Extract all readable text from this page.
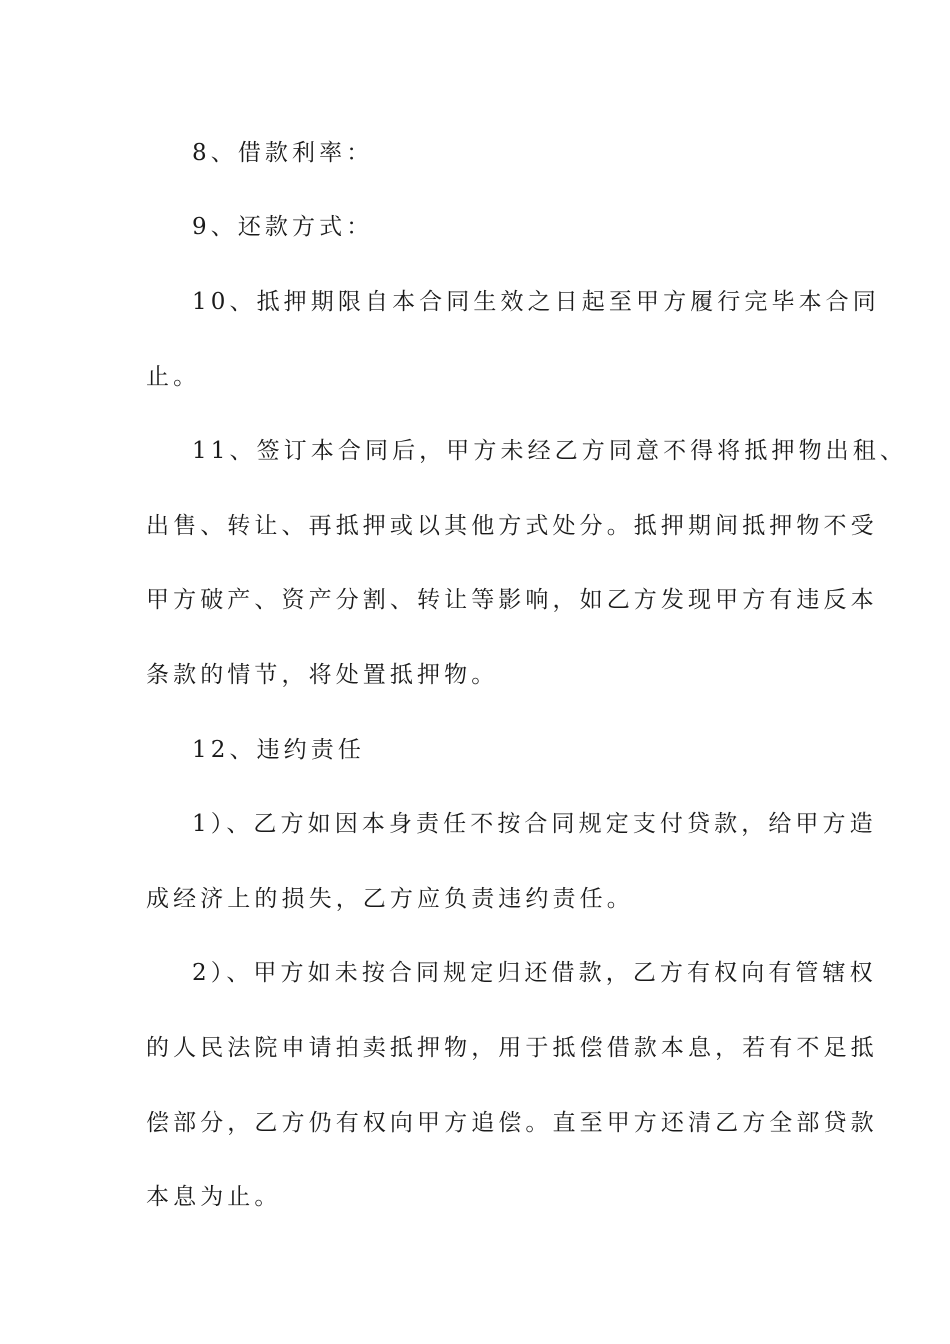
8、借款利率：
9、还款方式：
10、抵押期限自本合同生效之日起至甲方履行完毕本合同
止。
11、签订本合同后，甲方未经乙方同意不得将抵押物出租、
出售、转让、再抵押或以其他方式处分。抵押期间抵押物不受
甲方破产、资产分割、转让等影响，如乙方发现甲方有违反本
条款的情节，将处置抵押物。
12、违约责任
1）、乙方如因本身责任不按合同规定支付贷款，给甲方造
成经济上的损失，乙方应负责违约责任。
2）、甲方如未按合同规定归还借款，乙方有权向有管辖权
的人民法院申请拍卖抵押物，用于抵偿借款本息，若有不足抵
偿部分，乙方仍有权向甲方追偿。直至甲方还清乙方全部贷款
本息为止。
